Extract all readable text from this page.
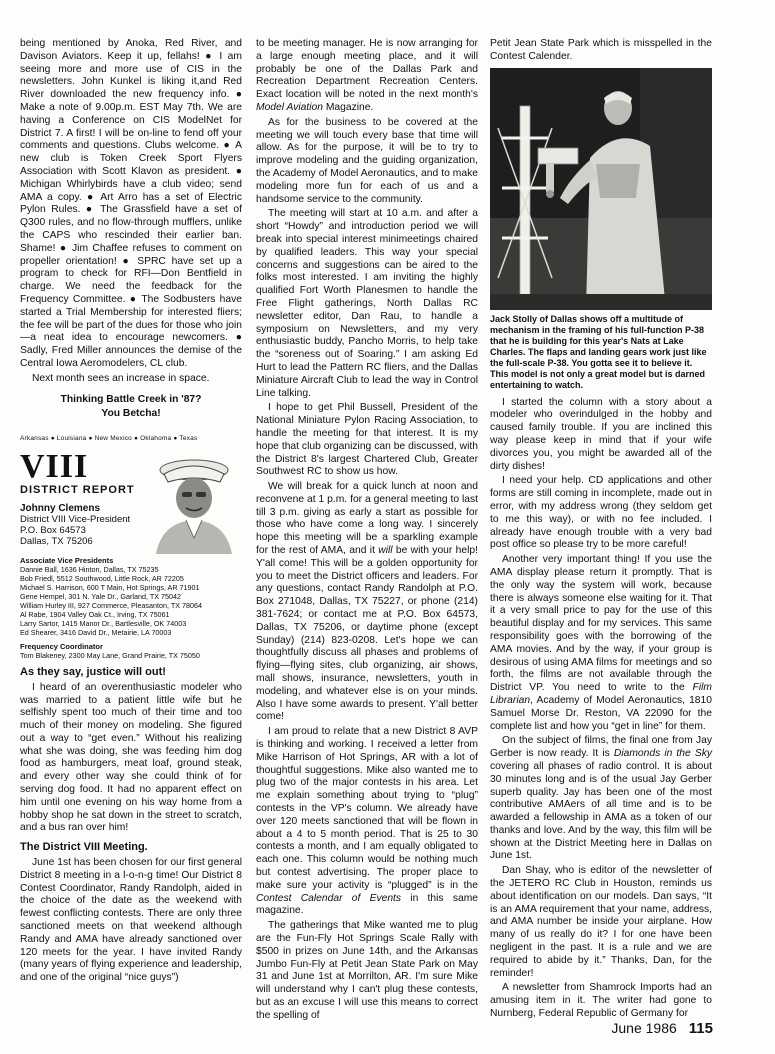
being mentioned by Anoka, Red River, and Davison Aviators. Keep it up, fellahs! ● I am seeing more and more use of CIS in the newsletters. John Kunkel is liking it,and Red River downloaded the new frequency info. ● Make a note of 9.00p.m. EST May 7th. We are having a Conference on CIS ModelNet for District 7. A first! I will be on-line to fend off your comments and questions. Clubs welcome. ● A new club is Token Creek Sport Flyers Association with Scott Klavon as president. ● Michigan Whirlybirds have a club video; send AMA a copy. ● Art Arro has a set of Electric Pylon Rules. ● The Grassfield have a set of Q300 rules, and no flow-through mufflers, unlike the CAPS who rescinded their earlier ban. Shame! ● Jim Chaffee refuses to comment on propeller orientation! ● SPRC have set up a program to check for RFI—Don Bentfield in charge. We need the feedback for the Frequency Committee. ● The Sodbusters have started a Trial Membership for interested fliers; the fee will be part of the dues for those who join—a neat idea to encourage newcomers. ● Sadly, Fred Miller announces the demise of the Central Iowa Aeromodelers, CL club.

Next month sees an increase in space.

Thinking Battle Creek in '87?

You Betcha!

Arkansas ● Louisiana ● New Mexico ● Oklahoma ● Texas
VIII
DISTRICT REPORT
Johnny Clemens
District VIII Vice-President
P.O. Box 64573
Dallas, TX 75206
Associate Vice Presidents
Dannie Ball, 1636 Hinton, Dallas, TX 75235
Bob Friedl, 5512 Southwood, Little Rock, AR 72205
Michael S. Harrison, 600 T Main, Hot Springs, AR 71901
Gene Hempel, 301 N. Yale Dr., Garland, TX 75042
William Hurley III, 927 Commerce, Pleasanton, TX 78064
Al Rabe, 1904 Valley Oak Ct., Irving, TX 75061
Larry Sartor, 1415 Manor Dr., Bartlesville, OK 74003
Ed Shearer, 3416 David Dr., Metairie, LA 70003
Frequency Coordinator
Tom Blakeney, 2300 May Lane, Grand Prairie, TX 75050
As they say, justice will out!

I heard of an overenthusiastic modeler who was married to a patient little wife but he selfishly spent too much of their time and too much of their money on modeling. She figured out a way to “get even.” Without his realizing what she was doing, she was feeding him dog food as hamburgers, meat loaf, ground steak, and every other way she could think of for serving dog food. It had no apparent effect on him until one evening on his way home from a hobby shop he sat down in the street to scratch, and a bus ran over him!

The District VIII Meeting.

June 1st has been chosen for our first general District 8 meeting in a l-o-n-g time! Our District 8 Contest Coordinator, Randy Randolph, aided in the choice of the date as the weekend with fewest conflicting contests. There are only three sanctioned meets on that weekend although Randy and AMA have already sanctioned over 120 meets for the year. I have invited Randy (many years of flying experience and leadership, and one of the original “nice guys”)

to be meeting manager. He is now arranging for a large enough meeting place, and it will probably be one of the Dallas Park and Recreation Department Recreation Centers. Exact location will be noted in the next month's Model Aviation Magazine.

As for the business to be covered at the meeting we will touch every base that time will allow. As for the purpose, it will be to try to improve modeling and the guiding organization, the Academy of Model Aeronautics, and to make modeling more fun for each of us and a handsome service to the community.

The meeting will start at 10 a.m. and after a short “Howdy” and introduction period we will break into special interest minimeetings chaired by qualified leaders. This way your special concerns and suggestions can be aired to the folks most interested. I am inviting the highly qualified Fort Worth Planesmen to handle the Free Flight gatherings, North Dallas RC newsletter editor, Dan Rau, to handle a symposium on Newsletters, and my very enthusiastic buddy, Pancho Morris, to help take the “soreness out of Soaring.” I am asking Ed Hurt to lead the Pattern RC fliers, and the Dallas Miniature Aircraft Club to lead the way in Control Line talking.

I hope to get Phil Bussell, President of the National Miniature Pylon Racing Association, to handle the meeting for that interest. It is my hope that club organizing can be discussed, with the District 8's largest Chartered Club, Greater Southwest RC to show us how.

We will break for a quick lunch at noon and reconvene at 1 p.m. for a general meeting to last till 3 p.m. giving as early a start as possible for those who have come a long way. I sincerely hope this meeting will be a sparkling example for the rest of AMA, and it will be with your help! Y'all come! This will be a golden opportunity for you to meet the District officers and leaders. For any questions, contact Randy Randolph at P.O. Box 271048, Dallas, TX 75227, or phone (214) 381-7624; or contact me at P.O. Box 64573, Dallas, TX 75206, or daytime phone (except Sunday) (214) 823-0208. Let's hope we can thoughtfully discuss all phases and problems of flying—flying sites, club organizing, air shows, mall shows, insurance, newsletters, youth in modeling, and whatever else is on your minds. Also I have some awards to present. Y'all better come!

I am proud to relate that a new District 8 AVP is thinking and working. I received a letter from Mike Harrison of Hot Springs, AR with a lot of thoughtful suggestions. Mike also wanted me to plug two of the major contests in his area. Let me explain something about trying to “plug” contests in the VP's column. We already have over 120 meets sanctioned that will be flown in about a 4 to 5 month period. That is 25 to 30 contests a month, and I am equally obligated to each one. This column would be nothing much but contest advertising. The proper place to make sure your activity is “plugged” is in the Contest Calendar of Events in this same magazine.

The gatherings that Mike wanted me to plug are the Fun-Fly Hot Springs Scale Rally with $500 in prizes on June 14th, and the Arkansas Jumbo Fun-Fly at Petit Jean State Park on May 31 and June 1st at Morrilton, AR. I'm sure Mike will understand why I can't plug these contests, but as an excuse I will use this means to correct the spelling of

Petit Jean State Park which is misspelled in the Contest Calender.

Jack Stolly of Dallas shows off a multitude of mechanism in the framing of his full-function P-38 that he is building for this year's Nats at Lake Charles. The flaps and landing gears work just like the full-scale P-38. You gotta see it to believe it. This model is not only a great model but is darned entertaining to watch.

I started the column with a story about a modeler who overindulged in the hobby and caused family trouble. If you are inclined this way please keep in mind that if your wife divorces you, you might be awarded all of the dirty dishes!

I need your help. CD applications and other forms are still coming in incomplete, made out in error, with my address wrong (they seldom get to me this way), or with no fee included. I already have enough trouble with a very bad post office so please try to be more careful!

Another very important thing! If you use the AMA display please return it promptly. That is the only way the system will work, because there is always someone else waiting for it. That it a very small price to pay for the use of this beautiful display and for my services. This same responsibility goes with the borrowing of the AMA movies. And by the way, if your group is desirous of using AMA films for meetings and so forth, the films are not available through the District VP. You need to write to the Film Librarian, Academy of Model Aeronautics, 1810 Samuel Morse Dr. Reston, VA 22090 for the complete list and how you “get in line” for them.

On the subject of films, the final one from Jay Gerber is now ready. It is Diamonds in the Sky covering all phases of radio control. It is about 30 minutes long and is of the usual Jay Gerber superb quality. Jay has been one of the most contributive AMAers of all time and is to be awarded a fellowship in AMA as a token of our thanks and love. And by the way, this film will be shown at the District Meeting here in Dallas on June 1st.

Dan Shay, who is editor of the newsletter of the JETERO RC Club in Houston, reminds us about identification on our models. Dan says, “It is an AMA requirement that your name, address, and AMA number be inside your airplane. How many of us really do it? I for one have been negligent in the past. It is a rule and we are required to abide by it.” Thanks, Dan, for the reminder!

A newsletter from Shamrock Imports had an amusing item in it. The writer had gone to Nurnberg, Federal Republic of Germany for

June 1986 115
